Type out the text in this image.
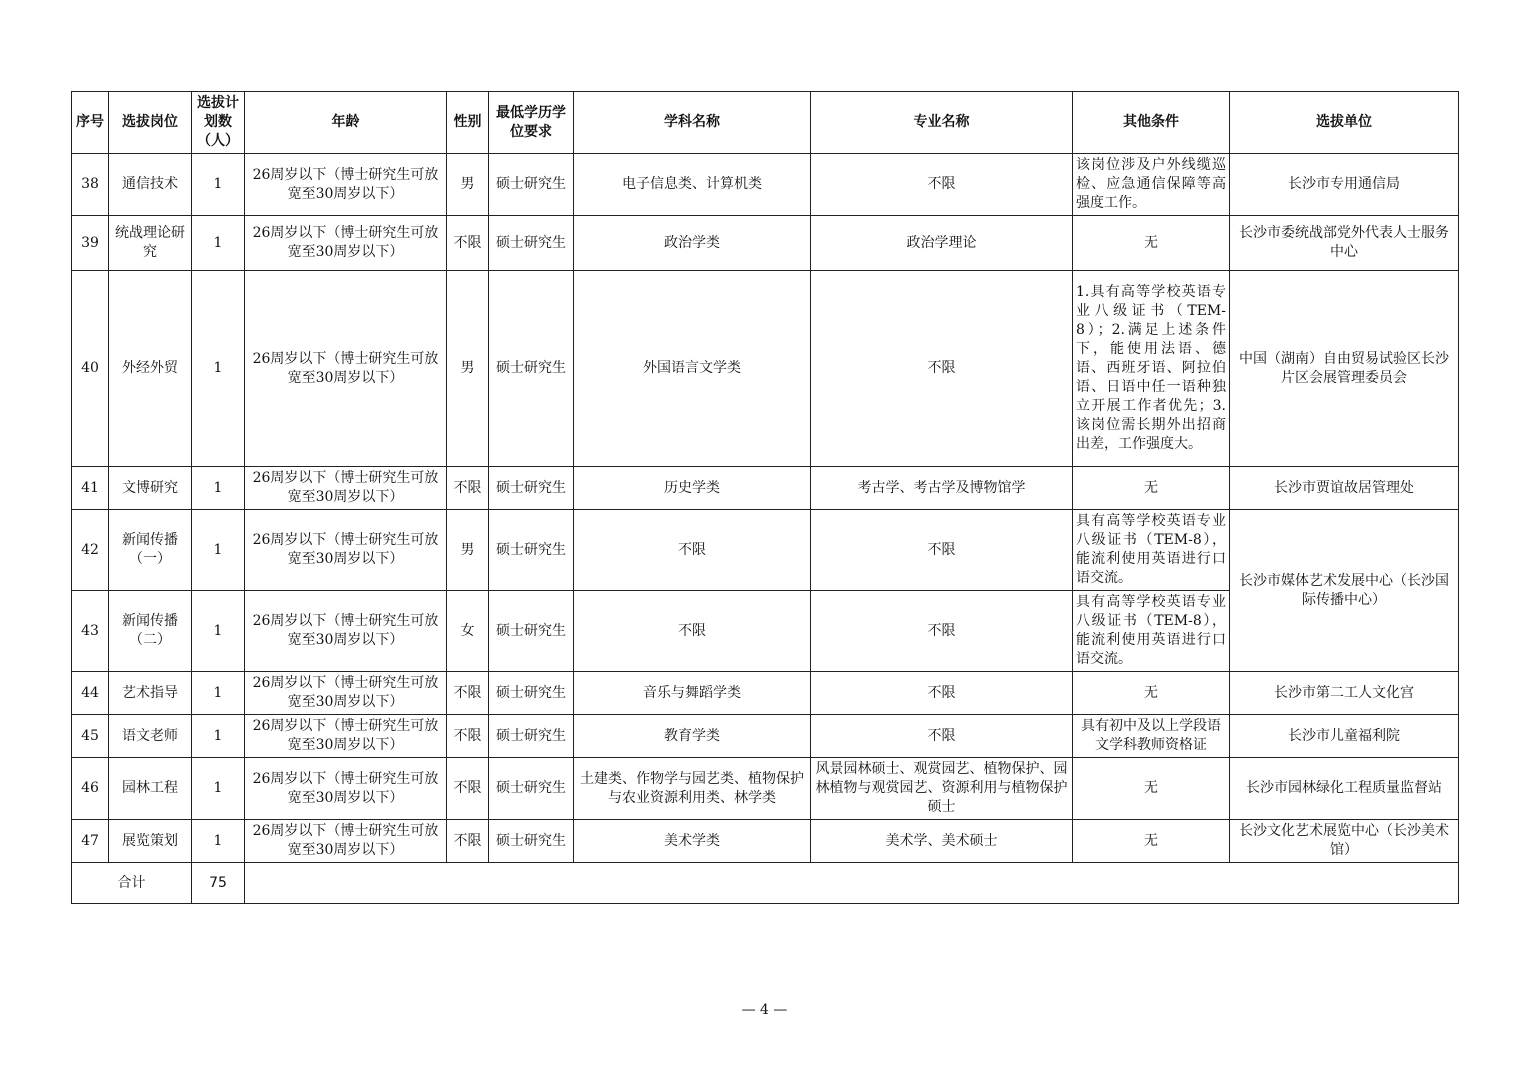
序号	选拔岗位	选拔计划数（人）	年龄	性别	最低学历学位要求	学科名称	专业名称	其他条件	选拔单位
38	通信技术	1	26周岁以下（博士研究生可放宽至30周岁以下）	男	硕士研究生	电子信息类、计算机类	不限	该岗位涉及户外线缆巡检、应急通信保障等高强度工作。	长沙市专用通信局
39	统战理论研究	1	26周岁以下（博士研究生可放宽至30周岁以下）	不限	硕士研究生	政治学类	政治学理论	无	长沙市委统战部党外代表人士服务中心
40	外经外贸	1	26周岁以下（博士研究生可放宽至30周岁以下）	男	硕士研究生	外国语言文学类	不限	1.具有高等学校英语专业八级证书（TEM-8）；2.满足上述条件下，能使用法语、德语、西班牙语、阿拉伯语、日语中任一语种独立开展工作者优先；3.该岗位需长期外出招商出差，工作强度大。	中国（湖南）自由贸易试验区长沙片区会展管理委员会
41	文博研究	1	26周岁以下（博士研究生可放宽至30周岁以下）	不限	硕士研究生	历史学类	考古学、考古学及博物馆学	无	长沙市贾谊故居管理处
42	新闻传播（一）	1	26周岁以下（博士研究生可放宽至30周岁以下）	男	硕士研究生	不限	不限	具有高等学校英语专业八级证书（TEM-8），能流利使用英语进行口语交流。	长沙市媒体艺术发展中心（长沙国际传播中心）
43	新闻传播（二）	1	26周岁以下（博士研究生可放宽至30周岁以下）	女	硕士研究生	不限	不限	具有高等学校英语专业八级证书（TEM-8），能流利使用英语进行口语交流。	
44	艺术指导	1	26周岁以下（博士研究生可放宽至30周岁以下）	不限	硕士研究生	音乐与舞蹈学类	不限	无	长沙市第二工人文化宫
45	语文老师	1	26周岁以下（博士研究生可放宽至30周岁以下）	不限	硕士研究生	教育学类	不限	具有初中及以上学段语文学科教师资格证	长沙市儿童福利院
46	园林工程	1	26周岁以下（博士研究生可放宽至30周岁以下）	不限	硕士研究生	土建类、作物学与园艺类、植物保护与农业资源利用类、林学类	风景园林硕士、观赏园艺、植物保护、园林植物与观赏园艺、资源利用与植物保护硕士	无	长沙市园林绿化工程质量监督站
47	展览策划	1	26周岁以下（博士研究生可放宽至30周岁以下）	不限	硕士研究生	美术学类	美术学、美术硕士	无	长沙文化艺术展览中心（长沙美术馆）
合计		75							
— 4 —
